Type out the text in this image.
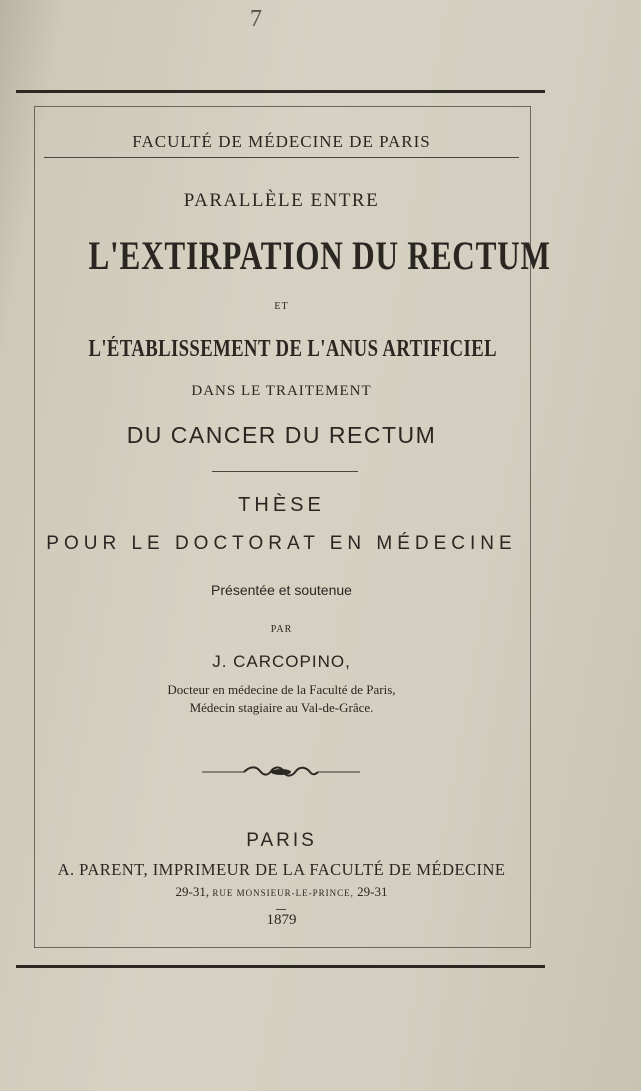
7
FACULTÉ DE MÉDECINE DE PARIS
PARALLÈLE ENTRE
L'EXTIRPATION DU RECTUM
ET
L'ÉTABLISSEMENT DE L'ANUS ARTIFICIEL
DANS LE TRAITEMENT
DU CANCER DU RECTUM
THÈSE
POUR LE DOCTORAT EN MÉDECINE
Présentée et soutenue
PAR
J. CARCOPINO,
Docteur en médecine de la Faculté de Paris,
Médecin stagiaire au Val-de-Grâce.
PARIS
A. PARENT, IMPRIMEUR DE LA FACULTÉ DE MÉDECINE
29-31, RUE MONSIEUR-LE-PRINCE, 29-31
1879
